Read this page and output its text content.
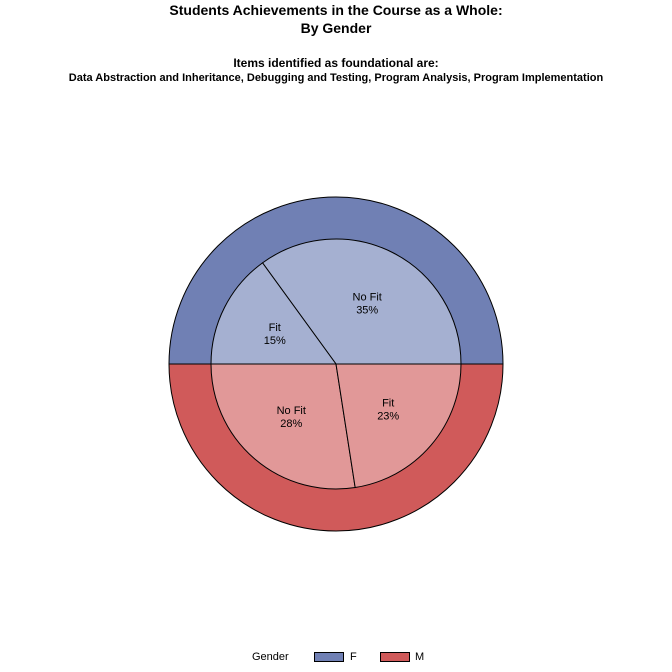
Students Achievements in the Course as a Whole:
By Gender
Items identified as foundational are:
Data Abstraction and Inheritance, Debugging and Testing, Program Analysis, Program Implementation
No Fit
35%
Fit
15%
No Fit
28%
Fit
23%
Gender	F	M
